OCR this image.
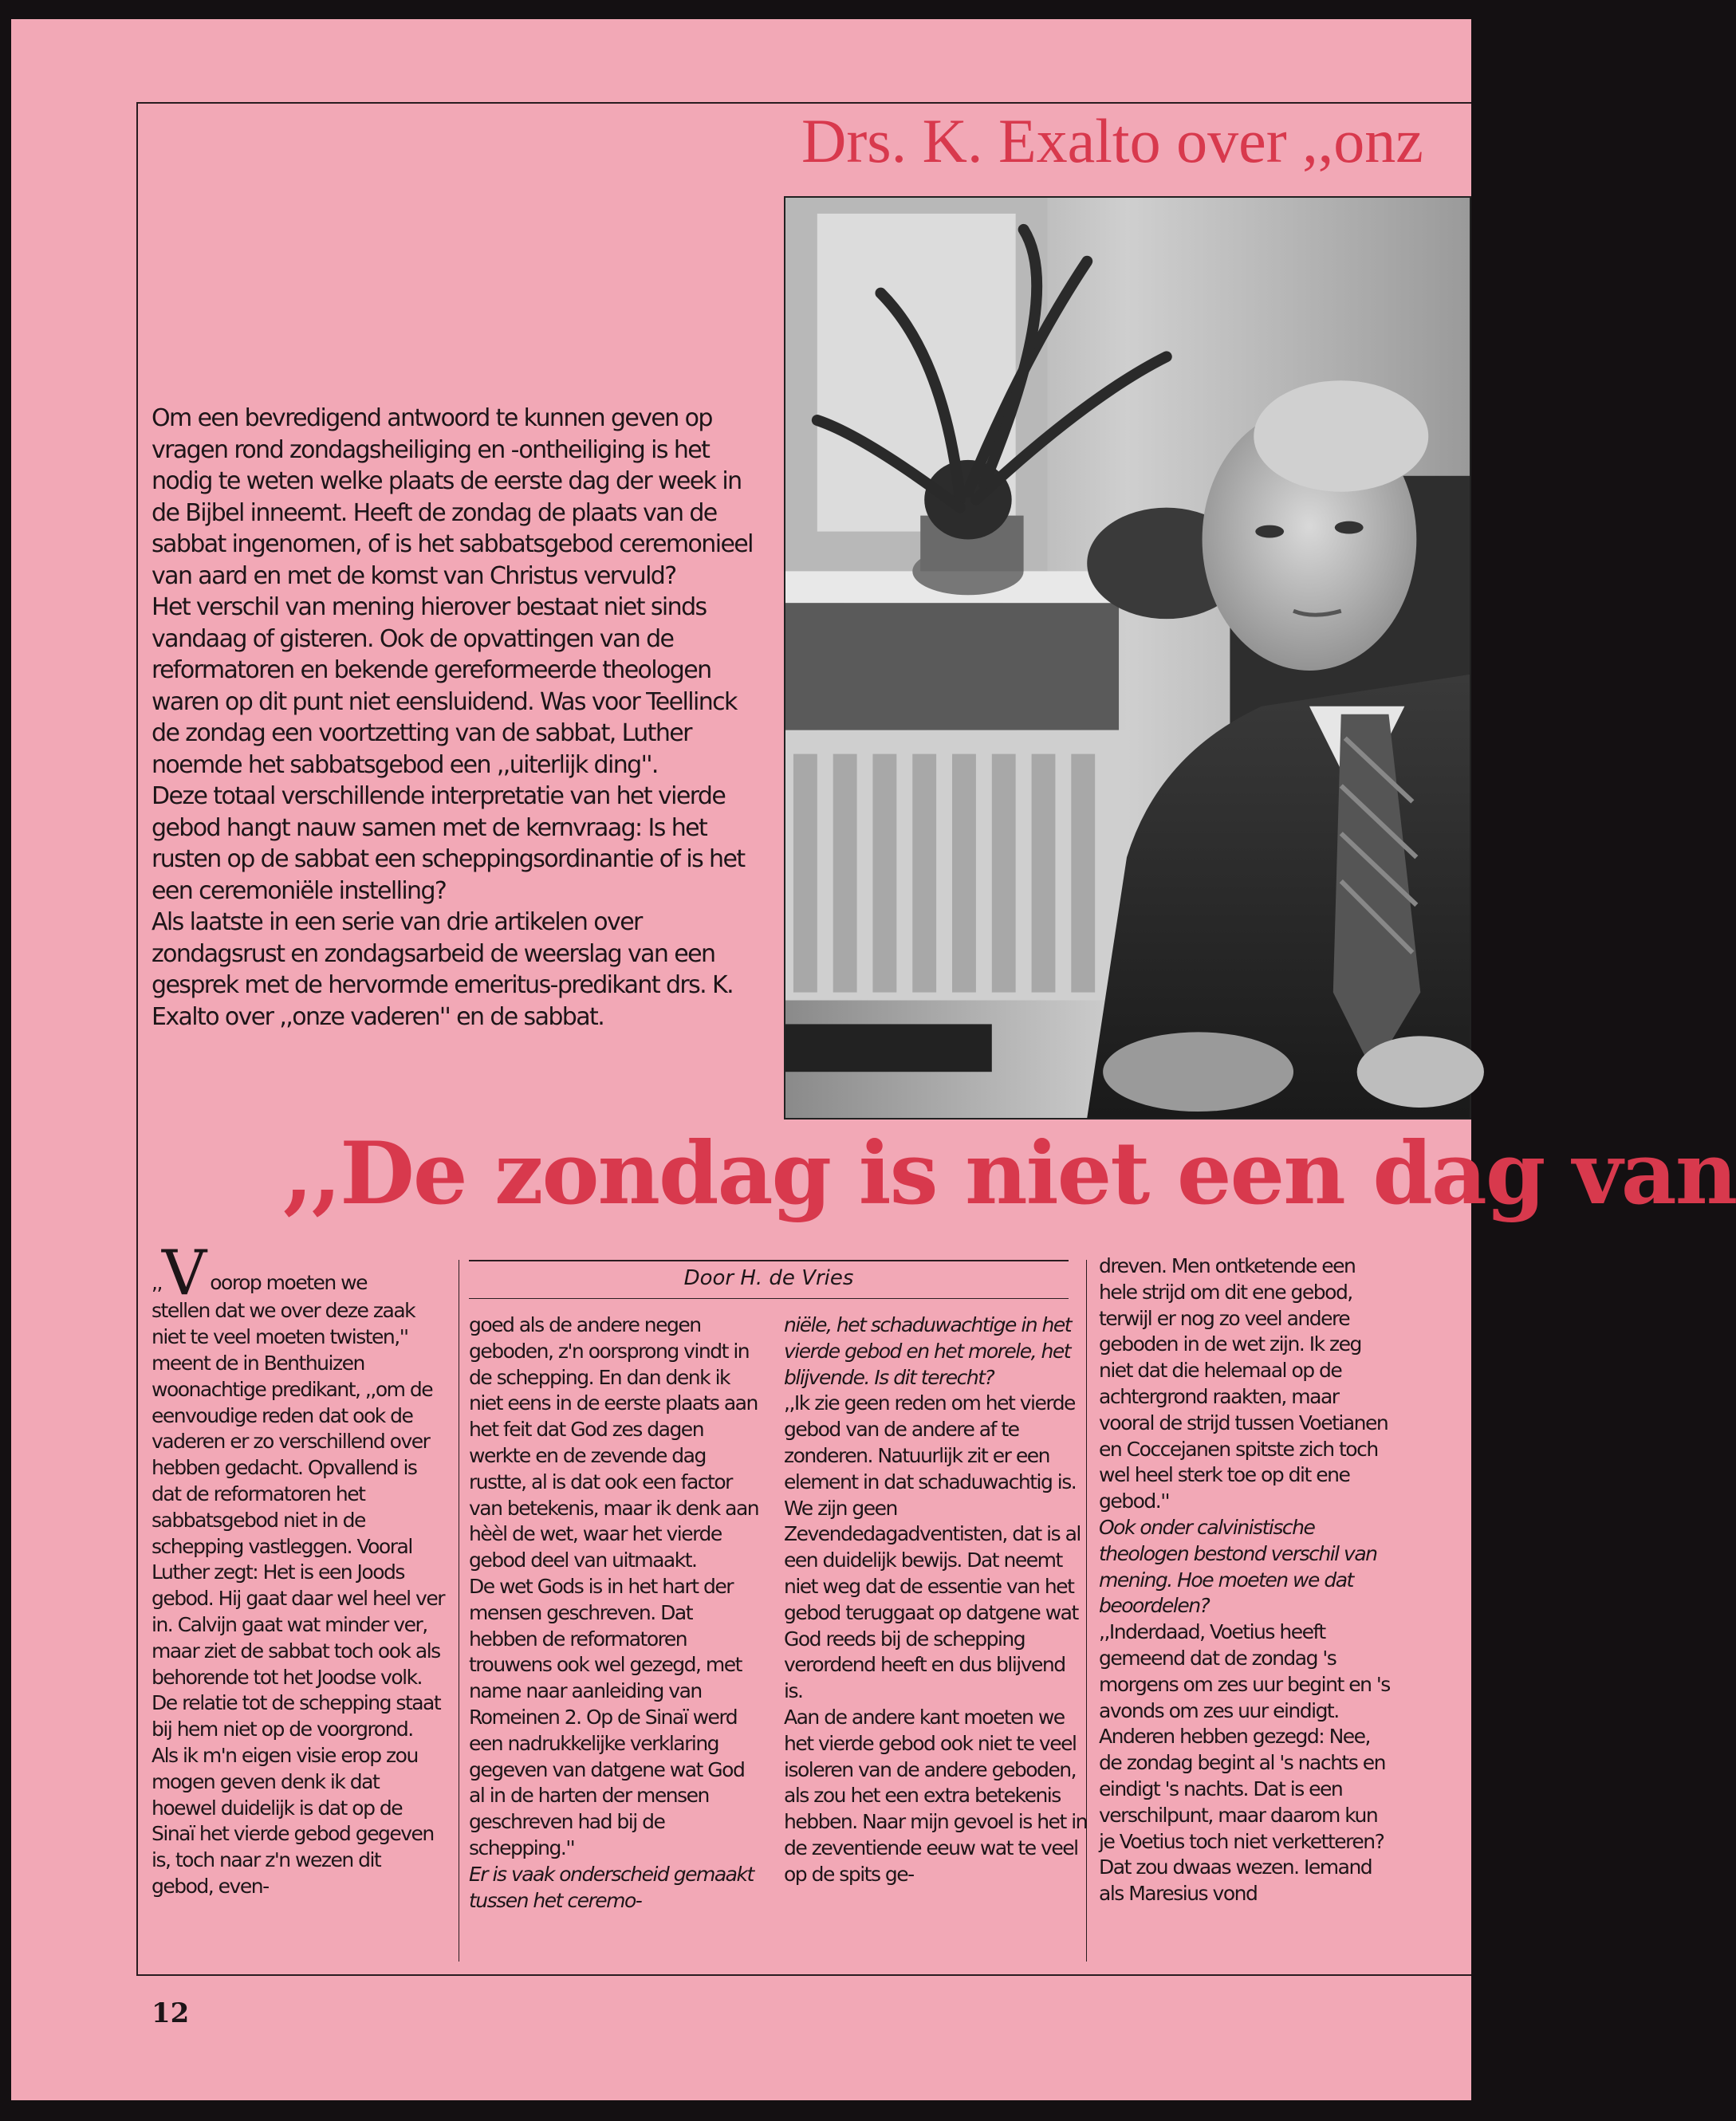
Drs. K. Exalto over ,,onz

Om een bevredigend antwoord te kunnen geven op vragen rond zondagsheiliging en -ontheiliging is het nodig te weten welke plaats de eerste dag der week in de Bijbel inneemt. Heeft de zondag de plaats van de sabbat ingenomen, of is het sabbatsgebod ceremonieel van aard en met de komst van Christus vervuld?

Het verschil van mening hierover bestaat niet sinds vandaag of gisteren. Ook de opvattingen van de reformatoren en bekende gereformeerde theologen waren op dit punt niet eensluidend. Was voor Teellinck de zondag een voortzetting van de sabbat, Luther noemde het sabbatsgebod een ,,uiterlijk ding''.

Deze totaal verschillende interpretatie van het vierde gebod hangt nauw samen met de kernvraag: Is het rusten op de sabbat een scheppingsordinantie of is het een ceremoniële instelling?

Als laatste in een serie van drie artikelen over zondagsrust en zondagsarbeid de weerslag van een gesprek met de hervormde emeritus-predikant drs. K. Exalto over ,,onze vaderen'' en de sabbat.

,,De zondag is niet een dag van
Door H. de Vries

,,V oorop moeten we

stellen dat we over deze zaak niet te veel moeten twisten,'' meent de in Benthuizen woonachtige predikant, ,,om de eenvoudige reden dat ook de vaderen er zo verschillend over hebben gedacht. Opvallend is dat de reformatoren het sabbatsgebod niet in de schepping vastleggen. Vooral Luther zegt: Het is een Joods gebod. Hij gaat daar wel heel ver in. Calvijn gaat wat minder ver, maar ziet de sabbat toch ook als behorende tot het Joodse volk. De relatie tot de schepping staat bij hem niet op de voorgrond.

Als ik m'n eigen visie erop zou mogen geven denk ik dat hoewel duidelijk is dat op de Sinaï het vierde gebod gegeven is, toch naar z'n wezen dit gebod, even-

goed als de andere negen geboden, z'n oorsprong vindt in de schepping. En dan denk ik niet eens in de eerste plaats aan het feit dat God zes dagen werkte en de zevende dag rustte, al is dat ook een factor van betekenis, maar ik denk aan hèèl de wet, waar het vierde gebod deel van uitmaakt.

De wet Gods is in het hart der mensen geschreven. Dat hebben de reformatoren trouwens ook wel gezegd, met name naar aanleiding van Romeinen 2. Op de Sinaï werd een nadrukkelijke verklaring gegeven van datgene wat God al in de harten der mensen geschreven had bij de schepping.''

Er is vaak onderscheid gemaakt tussen het ceremo-

niële, het schaduwachtige in het vierde gebod en het morele, het blijvende. Is dit terecht?

,,Ik zie geen reden om het vierde gebod van de andere af te zonderen. Natuurlijk zit er een element in dat schaduwachtig is. We zijn geen Zevendedagadventisten, dat is al een duidelijk bewijs. Dat neemt niet weg dat de essentie van het gebod teruggaat op datgene wat God reeds bij de schepping verordend heeft en dus blijvend is.

Aan de andere kant moeten we het vierde gebod ook niet te veel isoleren van de andere geboden, als zou het een extra betekenis hebben. Naar mijn gevoel is het in de zeventiende eeuw wat te veel op de spits ge-

dreven. Men ontketende een hele strijd om dit ene gebod, terwijl er nog zo veel andere geboden in de wet zijn. Ik zeg niet dat die helemaal op de achtergrond raakten, maar vooral de strijd tussen Voetianen en Coccejanen spitste zich toch wel heel sterk toe op dit ene gebod.''

Ook onder calvinistische theologen bestond verschil van mening. Hoe moeten we dat beoordelen?

,,Inderdaad, Voetius heeft gemeend dat de zondag 's morgens om zes uur begint en 's avonds om zes uur eindigt. Anderen hebben gezegd: Nee, de zondag begint al 's nachts en eindigt 's nachts. Dat is een verschilpunt, maar daarom kun je Voetius toch niet verketteren? Dat zou dwaas wezen. Iemand als Maresius vond

12
